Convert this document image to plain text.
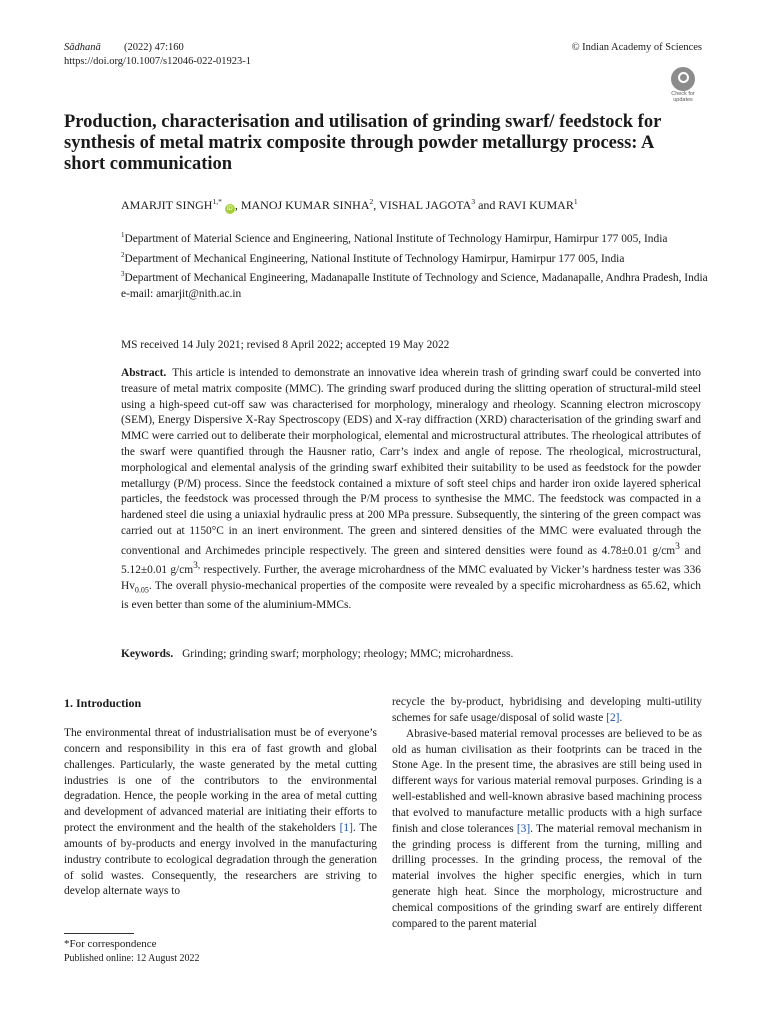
Sādhanā (2022) 47:160
https://doi.org/10.1007/s12046-022-01923-1
© Indian Academy of Sciences
Check for
updates
Production, characterisation and utilisation of grinding swarf/ feedstock for synthesis of metal matrix composite through powder metallurgy process: A short communication
AMARJIT $SINGH^{1,*}$ iD , MANOJ KUMAR SINHA$^2$, VISHAL JAGOTA$^3$ and RAVI KUMAR$^1$
$^1$Department of Material Science and Engineering, National Institute of Technology Hamirpur, Hamirpur 177 005, India
$^2$Department of Mechanical Engineering, National Institute of Technology Hamirpur, Hamirpur 177 005, India
$^3$Department of Mechanical Engineering, Madanapalle Institute of Technology and Science, Madanapalle, Andhra Pradesh, India
e-mail: amarjit@nith.ac.in
MS received 14 July 2021; revised 8 April 2022; accepted 19 May 2022
Abstract. This article is intended to demonstrate an innovative idea wherein trash of grinding swarf could be converted into treasure of metal matrix composite (MMC). The grinding swarf produced during the slitting operation of structural-mild steel using a high-speed cut-off saw was characterised for morphology, mineralogy and rheology. Scanning electron microscopy (SEM), Energy Dispersive X-Ray Spectroscopy (EDS) and X-ray diffraction (XRD) characterisation of the grinding swarf and MMC were carried out to deliberate their morphological, elemental and microstructural attributes. The rheological attributes of the swarf were quantified through the Hausner ratio, Carr’s index and angle of repose. The rheological, microstructural, morphological and elemental analysis of the grinding swarf exhibited their suitability to be used as feedstock for the powder metallurgy (P/M) process. Since the feedstock contained a mixture of soft steel chips and harder iron oxide layered spherical particles, the feedstock was processed through the P/M process to synthesise the MMC. The feedstock was compacted in a hardened steel die using a uniaxial hydraulic press at 200 MPa pressure. Subsequently, the sintering of the green compact was carried out at 1150°C in an inert environment. The green and sintered densities of the MMC were evaluated through the conventional and Archimedes principle respectively. The green and sintered densities were found as 4.78±0.01 $g/cm^3$ and 5.12±0.01 $g/cm^{3,}$ respectively. Further, the average microhardness of the MMC evaluated by Vicker’s hardness tester was 336 $Hv_{0.05}$. The overall physio-mechanical properties of the composite were revealed by a specific microhardness as 65.62, which is even better than some of the aluminium-MMCs.
Keywords. Grinding; grinding swarf; morphology; rheology; MMC; microhardness.
1. Introduction
The environmental threat of industrialisation must be of everyone’s concern and responsibility in this era of fast growth and global challenges. Particularly, the waste generated by the metal cutting industries is one of the contributors to the environmental degradation. Hence, the people working in the area of metal cutting and development of advanced material are initiating their efforts to protect the environment and the health of the stakeholders [1]. The amounts of by-products and energy involved in the manufacturing industry contribute to ecological degradation through the generation of solid wastes. Consequently, the researchers are striving to develop alternate ways to
recycle the by-product, hybridising and developing multi-utility schemes for safe usage/disposal of solid waste [2].
Abrasive-based material removal processes are believed to be as old as human civilisation as their footprints can be traced in the Stone Age. In the present time, the abrasives are still being used in different ways for various material removal purposes. Grinding is a well-established and well-known abrasive based machining process that evolved to manufacture metallic products with a high surface finish and close tolerances [3]. The material removal mechanism in the grinding process is different from the turning, milling and drilling processes. In the grinding process, the removal of the material involves the higher specific energies, which in turn generate high heat. Since the morphology, microstructure and chemical compositions of the grinding swarf are entirely different compared to the parent material
*For correspondence
Published online: 12 August 2022
